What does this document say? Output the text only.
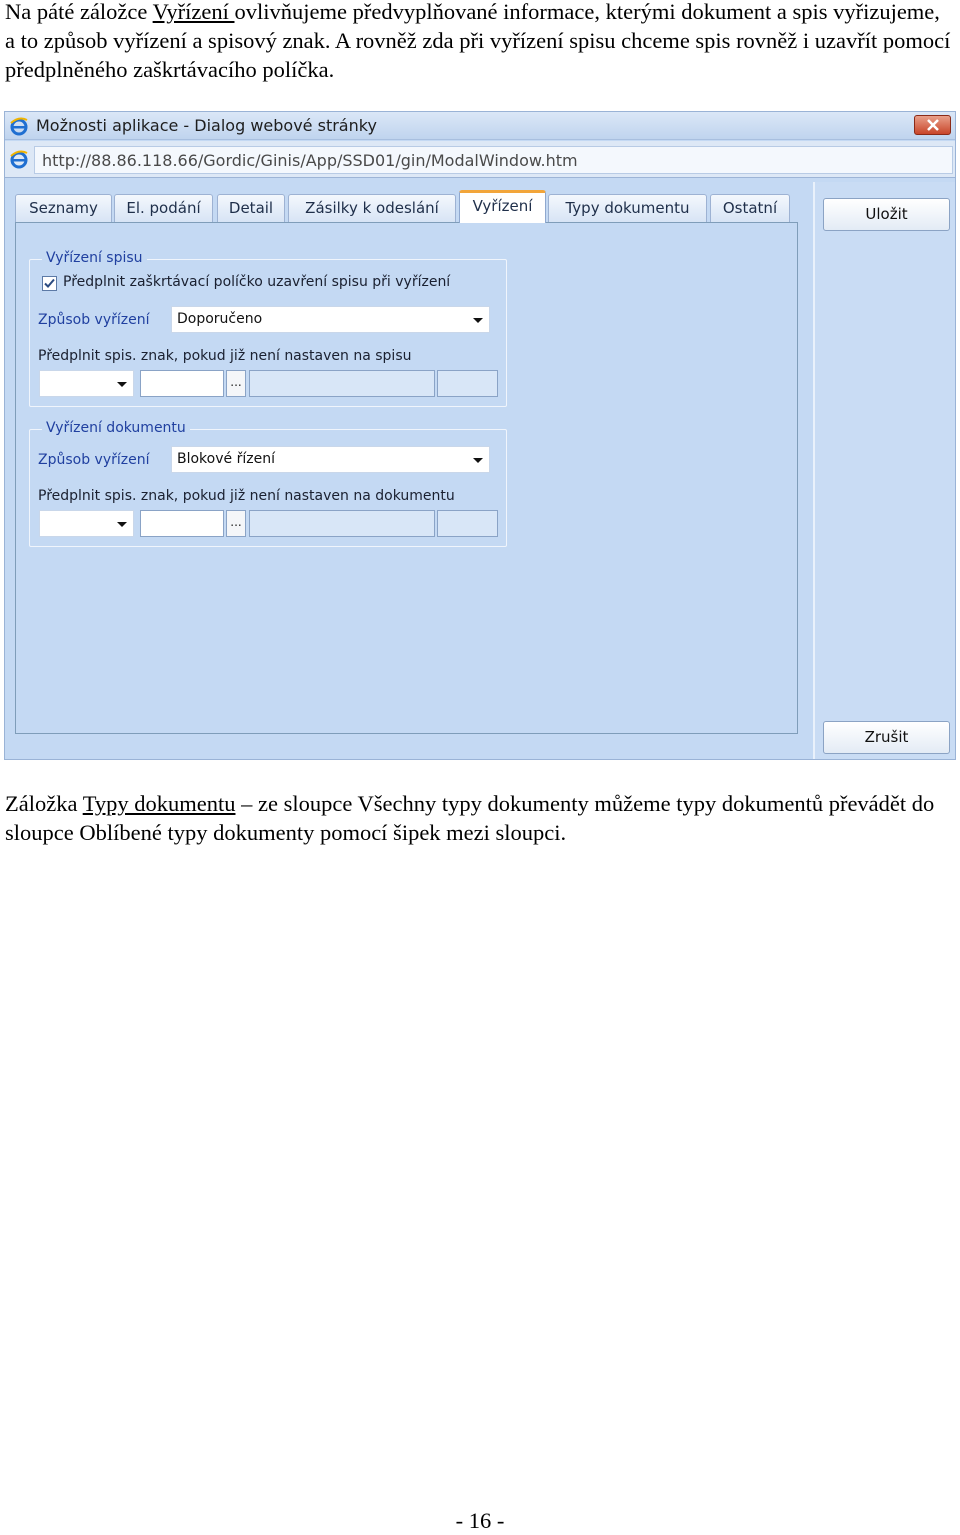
Na páté záložce Vyřízení ovlivňujeme předvyplňované informace, kterými dokument a spis vyřizujeme, a to způsob vyřízení a spisový znak. A rovněž zda při vyřízení spisu chceme spis rovněž i uzavřít pomocí předplněného zaškrtávacího políčka.

Možnosti aplikace - Dialog webové stránky
http://88.86.118.66/Gordic/Ginis/App/SSD01/gin/ModalWindow.htm
Seznamy	El. podání	Detail	Zásilky k odeslání	Vyřízení	Typy dokumentu	Ostatní
Vyřízení spisu
Předplnit zaškrtávací políčko uzavření spisu při vyřízení
Způsob vyřízení Doporučeno
Předplnit spis. znak, pokud již není nastaven na spisu
...
Vyřízení dokumentu
Způsob vyřízení Blokové řízení
Předplnit spis. znak, pokud již není nastaven na dokumentu
...
Uložit
Zrušit

Záložka Typy dokumentu – ze sloupce Všechny typy dokumenty můžeme typy dokumentů převádět do sloupce Oblíbené typy dokumenty pomocí šipek mezi sloupci.

- 16 -
